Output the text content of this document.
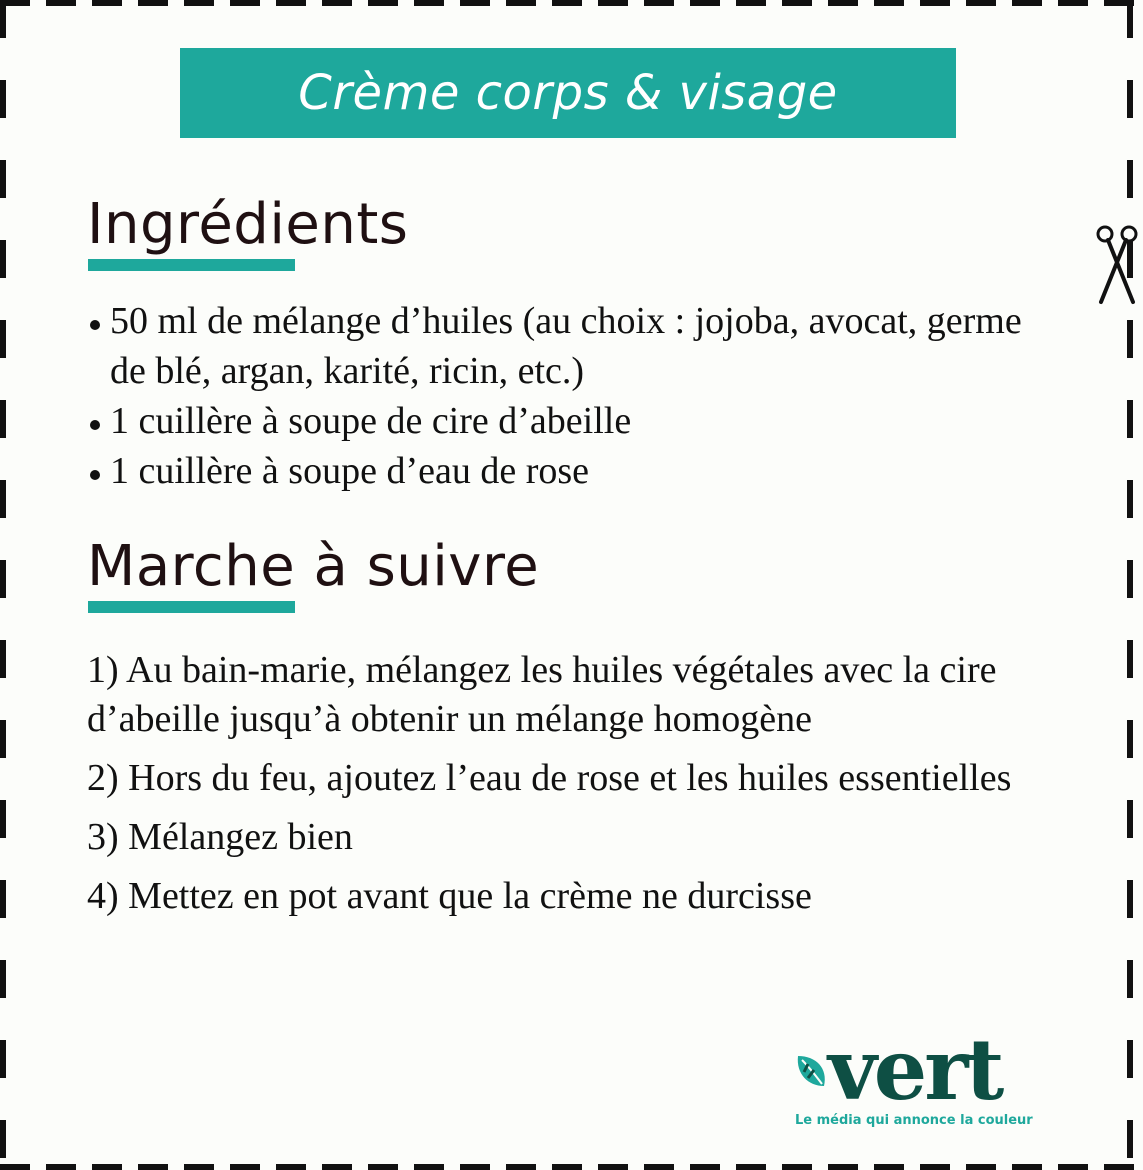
Crème corps & visage
Ingrédients
50 ml de mélange d’huiles (au choix : jojoba, avocat, germe de blé, argan, karité, ricin, etc.)
1 cuillère à soupe de cire d’abeille
1 cuillère à soupe d’eau de rose
Marche à suivre
1) Au bain-marie, mélangez les huiles végétales avec la cire d’abeille jusqu’à obtenir un mélange homogène
2) Hors du feu, ajoutez l’eau de rose et les huiles essentielles
3) Mélangez bien
4) Mettez en pot avant que la crème ne durcisse
vert
Le média qui annonce la couleur
